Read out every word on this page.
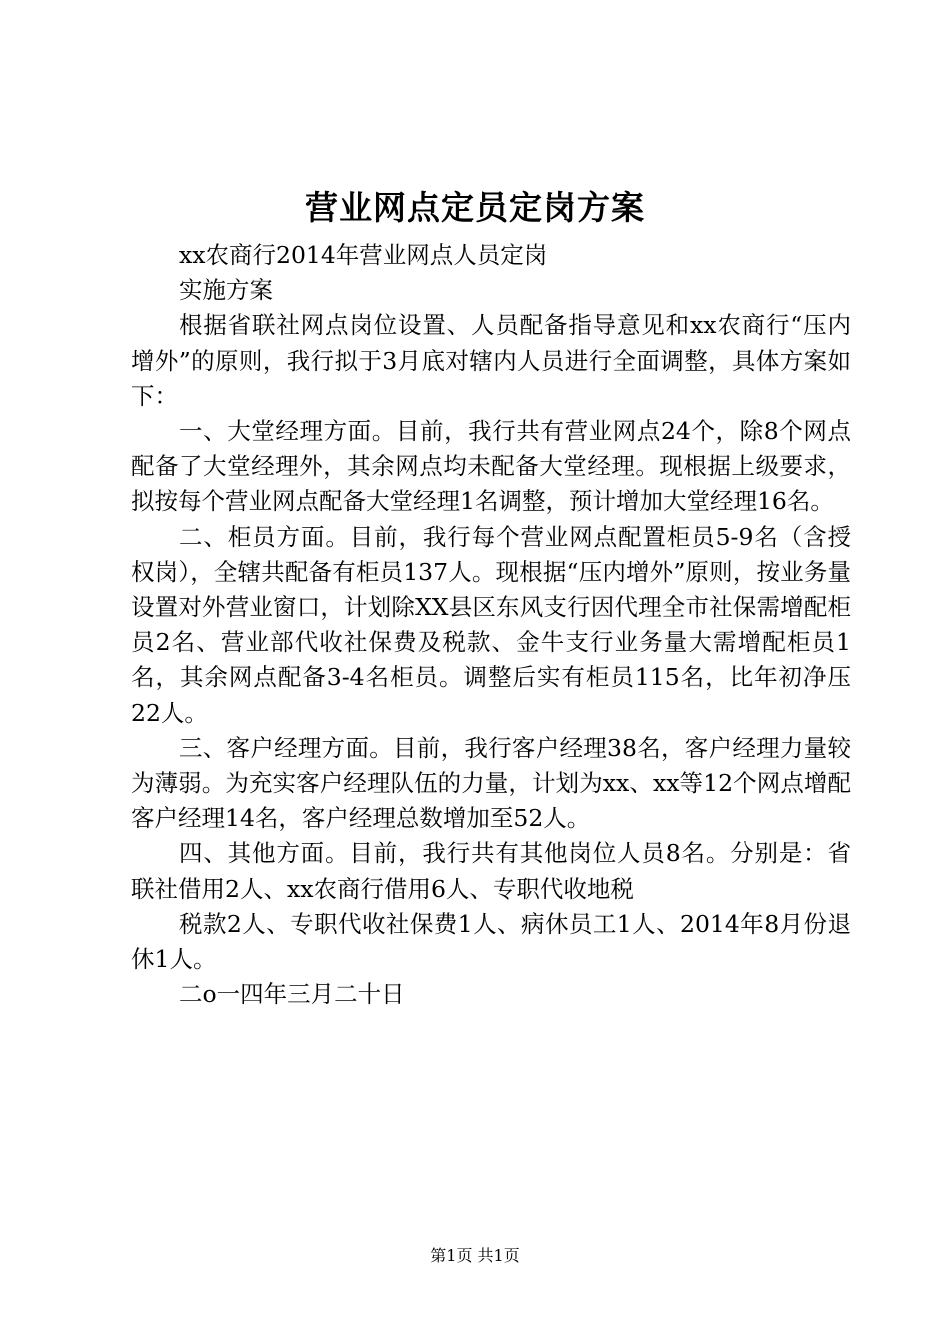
营业网点定员定岗方案

xx农商行2014年营业网点人员定岗

实施方案

根据省联社网点岗位设置、人员配备指导意见和xx农商行“压内增外”的原则，我行拟于3月底对辖内人员进行全面调整，具体方案如下：

一、大堂经理方面。目前，我行共有营业网点24个，除8个网点配备了大堂经理外，其余网点均未配备大堂经理。现根据上级要求，拟按每个营业网点配备大堂经理1名调整，预计增加大堂经理16名。

二、柜员方面。目前，我行每个营业网点配置柜员5-9名（含授权岗），全辖共配备有柜员137人。现根据“压内增外”原则，按业务量设置对外营业窗口，计划除XX县区东风支行因代理全市社保需增配柜员2名、营业部代收社保费及税款、金牛支行业务量大需增配柜员1名，其余网点配备3-4名柜员。调整后实有柜员115名，比年初净压22人。

三、客户经理方面。目前，我行客户经理38名，客户经理力量较为薄弱。为充实客户经理队伍的力量，计划为xx、xx等12个网点增配客户经理14名，客户经理总数增加至52人。

四、其他方面。目前，我行共有其他岗位人员8名。分别是：省联社借用2人、xx农商行借用6人、专职代收地税

税款2人、专职代收社保费1人、病休员工1人、2014年8月份退休1人。

二o一四年三月二十日

第1页 共1页
